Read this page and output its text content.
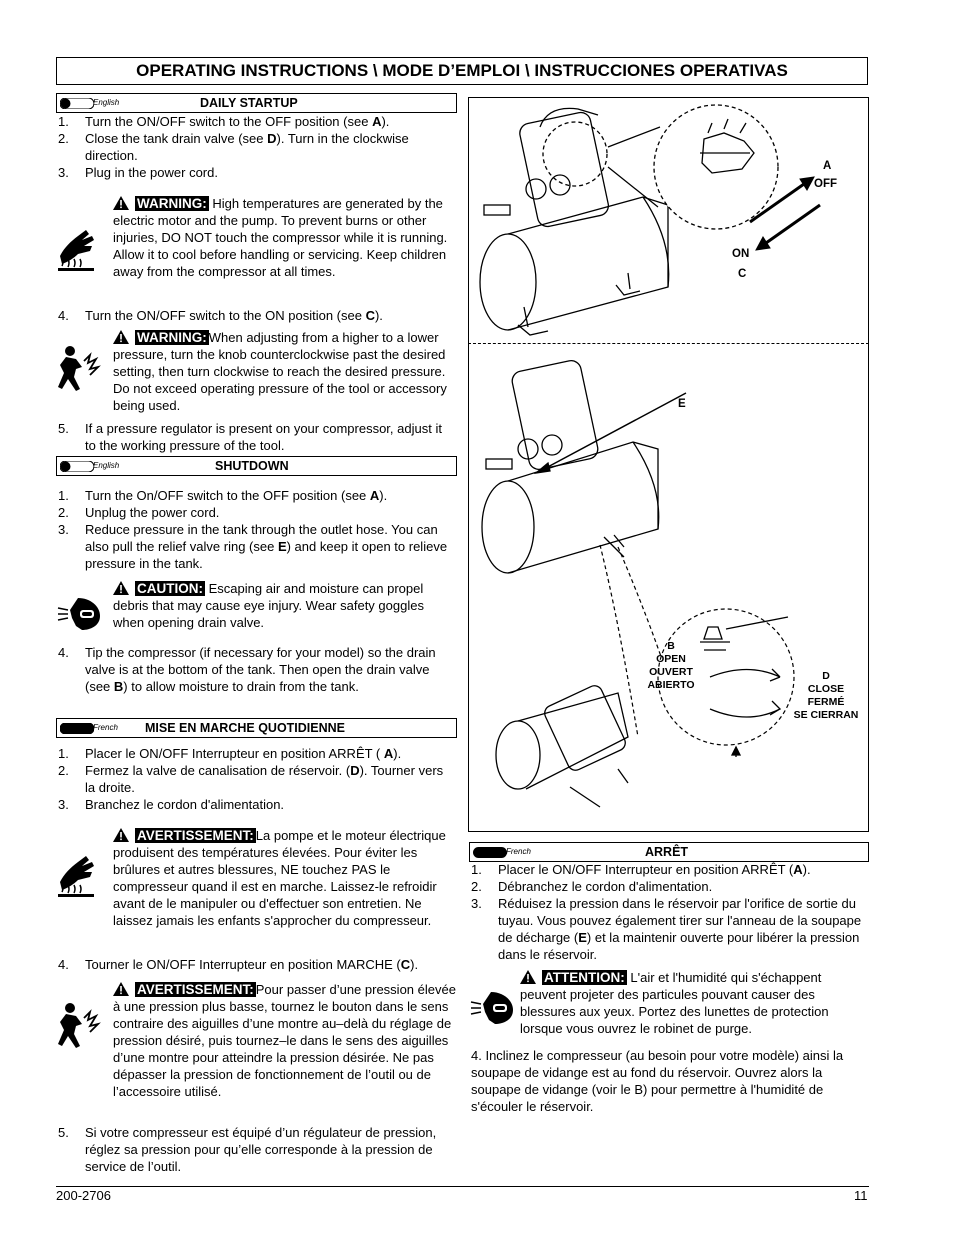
OPERATING INSTRUCTIONS \ MODE D’EMPLOI \ INSTRUCCIONES OPERATIVAS
English	DAILY STARTUP
1. Turn the ON/OFF switch to the OFF position (see A).
2. Close the tank drain valve (see D). Turn in the clockwise direction.
3. Plug in the power cord.
WARNING: High temperatures are generated by the electric motor and the pump. To prevent burns or other injuries, DO NOT touch the compressor while it is running. Allow it to cool before handling or servicing. Keep children away from the compressor at all times.
4. Turn the ON/OFF switch to the ON position (see C).
WARNING: When adjusting from a higher to a lower pressure, turn the knob counterclockwise past the desired setting, then turn clockwise to reach the desired pressure. Do not exceed operating pressure of the tool or accessory being used.
5. If a pressure regulator is present on your compressor, adjust it to the working pressure of the tool.
English	SHUTDOWN
1. Turn the On/OFF switch to the OFF position (see A).
2. Unplug the power cord.
3. Reduce pressure in the tank through the outlet hose. You can also pull the relief valve ring (see E) and keep it open to relieve pressure in the tank.
CAUTION: Escaping air and moisture can propel debris that may cause eye injury. Wear safety goggles when opening drain valve.
4. Tip the compressor (if necessary for your model) so the drain valve is at the bottom of the tank. Then open the drain valve (see B) to allow moisture to drain from the tank.
French MISE EN MARCHE QUOTIDIENNE
1. Placer le ON/OFF Interrupteur en position ARRÊT ( A).
2. Fermez la valve de canalisation de réservoir. (D). Tourner vers la droite.
3. Branchez le cordon d'alimentation.
AVERTISSEMENT: La pompe et le moteur électrique produisent des températures élevées. Pour éviter les brûlures et autres blessures, NE touchez PAS le compresseur quand il est en marche. Laissez-le refroidir avant de le manipuler ou d'effectuer son entretien. Ne laissez jamais les enfants s'approcher du compresseur.
4. Tourner le ON/OFF Interrupteur en position MARCHE (C).
AVERTISSEMENT: Pour passer d’une pression élevée à une pression plus basse, tournez le bouton dans le sens contraire des aiguilles d’une montre au–delà du réglage de pression désiré, puis tournez–le dans le sens des aiguilles d’une montre pour atteindre la pression désirée. Ne pas dépasser la pression de fonctionnement de l’outil ou de l’accessoire utilisé.
5. Si votre compresseur est équipé d’un régulateur de pression, réglez sa pression pour qu’elle corresponde à la pression de service de l’outil.
A
OFF
ON
C
E
B
OPEN
OUVERT
ABIERTO
D
CLOSE
FERMÉ
SE CIERRAN
French	ARRÊT
1. Placer le ON/OFF Interrupteur en position ARRÊT (A).
2. Débranchez le cordon d'alimentation.
3. Réduisez la pression dans le réservoir par l'orifice de sortie du tuyau. Vous pouvez également tirer sur l'anneau de la soupape de décharge (E) et la maintenir ouverte pour libérer la pression dans le réservoir.
ATTENTION: L'air et l'humidité qui s'échappent peuvent projeter des particules pouvant causer des blessures aux yeux. Portez des lunettes de protection lorsque vous ouvrez le robinet de purge.
4. Inclinez le compresseur (au besoin pour votre modèle) ainsi la soupape de vidange est au fond du réservoir. Ouvrez alors la soupape de vidange (voir le B) pour permettre à l'humidité de s'écouler le réservoir.
200-2706	11
